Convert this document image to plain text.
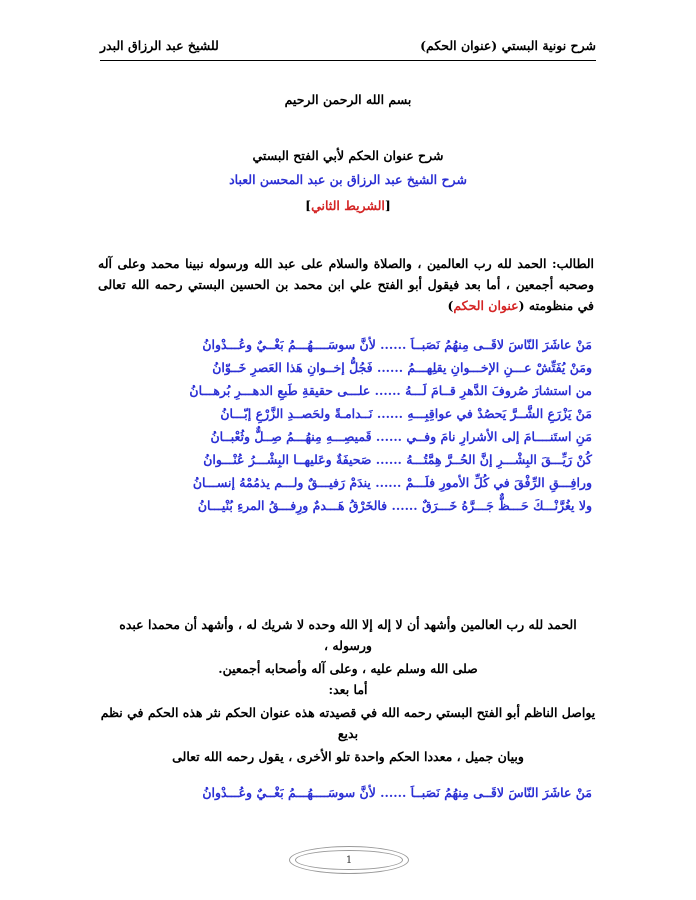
شرح نونية البستي (عنوان الحكم)
للشيخ عبد الرزاق البدر
بسم الله الرحمن الرحيم
شرح عنوان الحكم لأبي الفتح البستي
شرح الشيخ عبد الرزاق بن عبد المحسن العباد
[الشريط الثاني]
الطالب: الحمد لله رب العالمين ، والصلاة والسلام على عبد الله ورسوله نبينا محمد وعلى آله وصحبه أجمعين ، أما بعد فيقول أبو الفتح علي ابن محمد بن الحسين البستي رحمه الله تعالى في منظومته (عنوان الحكم)
مَنْ عاشَرَ النّاسَ لاقَــى مِنهُمُ نَصَبــاَ ...... لأنَّ سوسَــــهُـــمُ بَغْــيٌ وعُـــدْوانُ
ومَنْ يُفَتِّشْ عـــنِ الإخـــوانِ يقلِهـــمُ ...... فَجُلُّ إخــوانِ هَذا العَصرِ خَــوّانُ
من استشارَ صُروفَ الدَّهرِ قــامَ لَـــهُ ...... علـــى حقيقةِ طَبعِ الدهـــرِ بُرهـــانُ
مَنْ يَزْرَعِ الشَّــرَّ يَحصُدْ في عواقِبِـــهِ ...... نَــدامـةً ولحَصــدِ الزَّرْعِ إبّـــانُ
مَنِ استَنــــامَ إلى الأشرارِ نامَ وفــي ...... قَميصِـــهِ مِنهُـــمُ صِــلٌّ وثُعْبــانُ
كُنْ رَيِّـــقَ البِشْـــرِ إنَّ الحُــرَّ هِمَّتُـــهُ ...... صَحيفَةٌ وعَليهــا البِشْـــرُ عُنْـــوانُ
ورافِـــقِ الرِّفْقَ في كُلِّ الأمورِ فلَـــمْ ...... يندَمْ رَفيـــقٌ ولـــم يذمُمْهُ إنســـانُ
ولا يغُرَّنْـــكَ حَـــظٌّ جَـــرَّهُ خَـــرَقٌ ...... فالخَرْقُ هَـــدمٌ ورِفـــقُ المرءِ بُنْيـــانُ
الحمد لله رب العالمين وأشهد أن لا إله إلا الله وحده لا شريك له ، وأشهد أن محمدا عبده ورسوله ،
صلى الله وسلم عليه ، وعلى آله وأصحابه أجمعين.
أما بعد:
يواصل الناظم أبو الفتح البستي رحمه الله في قصيدته هذه عنوان الحكم نثر هذه الحكم في نظم بديع
وبيان جميل ، معددا الحكم واحدة تلو الأخرى ، يقول رحمه الله تعالى
مَنْ عاشَرَ النّاسَ لاقَــى مِنهُمُ نَصَبــاَ ...... لأنَّ سوسَــــهُـــمُ بَغْــيٌ وعُـــدْوانُ
1
